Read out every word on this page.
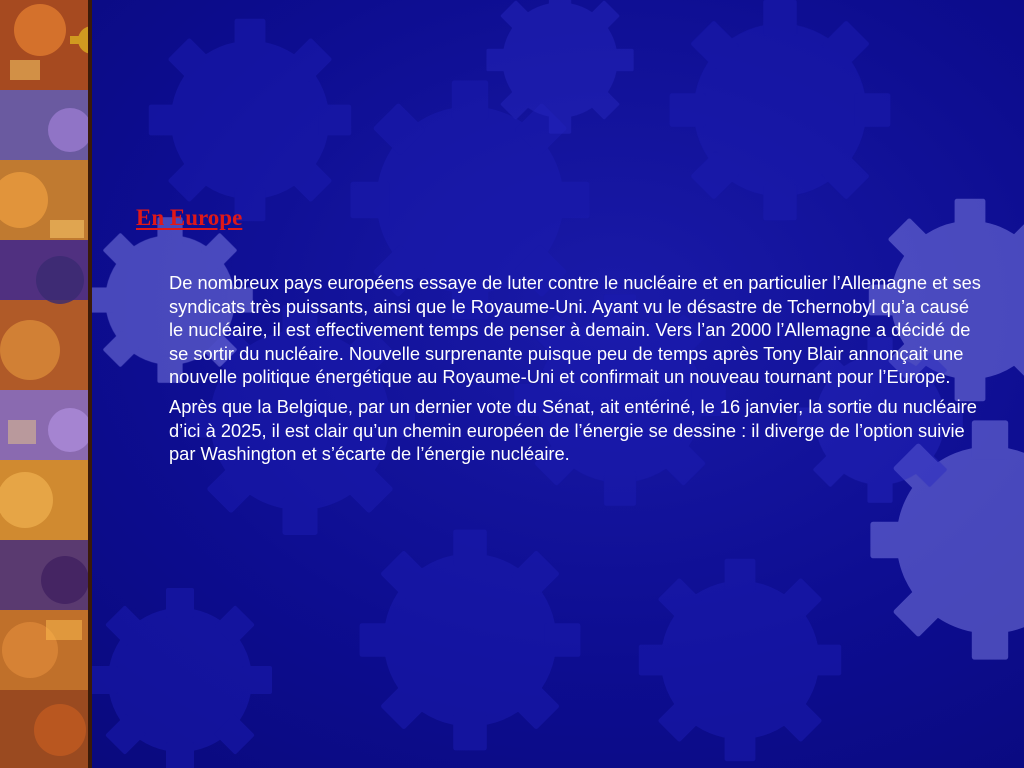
En Europe

De nombreux pays européens essaye de luter contre le nucléaire et en particulier l’Allemagne et ses syndicats très puissants, ainsi que le Royaume-Uni. Ayant vu le désastre de Tchernobyl qu’a causé le nucléaire, il est effectivement temps de penser à demain. Vers l’an 2000 l’Allemagne a décidé de se sortir du nucléaire. Nouvelle surprenante puisque peu de temps après Tony Blair annonçait une nouvelle politique énergétique au Royaume-Uni et confirmait un nouveau tournant pour l’Europe.

Après que la Belgique, par un dernier vote du Sénat, ait entériné, le 16 janvier, la sortie du nucléaire d’ici à 2025, il est clair qu’un chemin européen de l’énergie se dessine : il diverge de l’option suivie par Washington et s’écarte de l’énergie nucléaire.
